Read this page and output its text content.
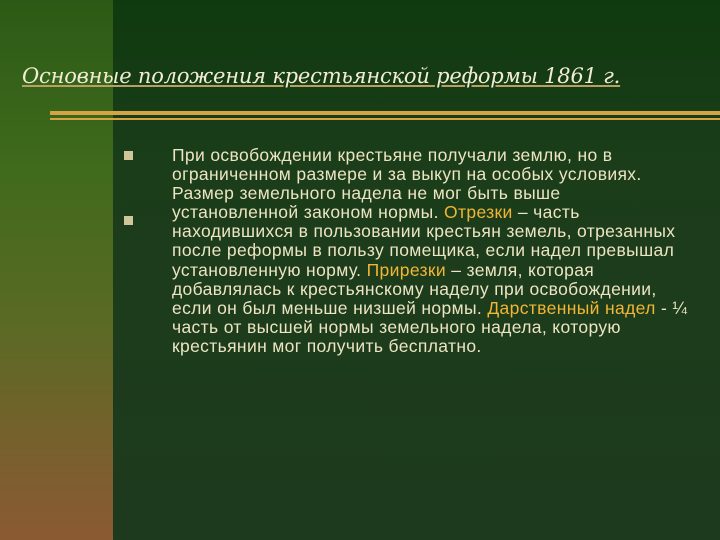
Основные положения крестьянской реформы 1861 г.
При освобождении крестьяне получали землю, но в ограниченном размере и за выкуп на особых условиях.
Размер земельного надела не мог быть выше установленной законом нормы. Отрезки – часть находившихся в пользовании крестьян земель, отрезанных после реформы в пользу помещика, если надел превышал установленную норму. Прирезки – земля, которая добавлялась к крестьянскому наделу при освобождении, если он был меньше низшей нормы. Дарственный надел - ¼ часть от высшей нормы земельного надела, которую крестьянин мог получить бесплатно.
